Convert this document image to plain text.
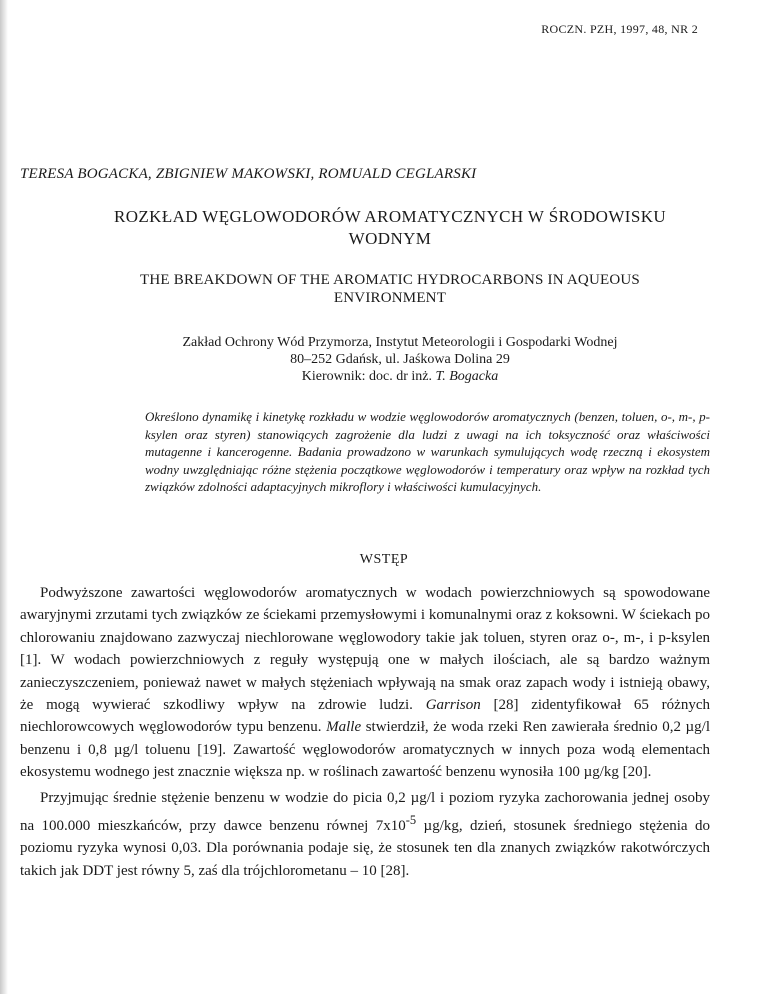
ROCZN. PZH, 1997, 48, NR 2
TERESA BOGACKA, ZBIGNIEW MAKOWSKI, ROMUALD CEGLARSKI
ROZKŁAD WĘGLOWODORÓW AROMATYCZNYCH W ŚRODOWISKU
WODNYM
THE BREAKDOWN OF THE AROMATIC HYDROCARBONS IN AQUEOUS
ENVIRONMENT
Zakład Ochrony Wód Przymorza, Instytut Meteorologii i Gospodarki Wodnej
80–252 Gdańsk, ul. Jaśkowa Dolina 29
Kierownik: doc. dr inż. T. Bogacka
Określono dynamikę i kinetykę rozkładu w wodzie węglowodorów aromatycznych (benzen, toluen, o-, m-, p-ksylen oraz styren) stanowiących zagrożenie dla ludzi z uwagi na ich toksyczność oraz właściwości mutagenne i kancerogenne. Badania prowadzono w warunkach symulujących wodę rzeczną i ekosystem wodny uwzględniając różne stężenia początkowe węglowodorów i temperatury oraz wpływ na rozkład tych związków zdolności adaptacyjnych mikroflory i właściwości kumulacyjnych.
WSTĘP

Podwyższone zawartości węglowodorów aromatycznych w wodach powierzchniowych są spowodowane awaryjnymi zrzutami tych związków ze ściekami przemysłowymi i komunalnymi oraz z koksowni. W ściekach po chlorowaniu znajdowano zazwyczaj niechlorowane węglowodory takie jak toluen, styren oraz o-, m-, i p-ksylen [1]. W wodach powierzchniowych z reguły występują one w małych ilościach, ale są bardzo ważnym zanieczyszczeniem, ponieważ nawet w małych stężeniach wpływają na smak oraz zapach wody i istnieją obawy, że mogą wywierać szkodliwy wpływ na zdrowie ludzi. Garrison [28] zidentyfikował 65 różnych niechlorowcowych węglowodorów typu benzenu. Malle stwierdził, że woda rzeki Ren zawierała średnio 0,2 µg/l benzenu i 0,8 µg/l toluenu [19]. Zawartość węglowodorów aromatycznych w innych poza wodą elementach ekosystemu wodnego jest znacznie większa np. w roślinach zawartość benzenu wynosiła 100 µg/kg [20].

Przyjmując średnie stężenie benzenu w wodzie do picia 0,2 µg/l i poziom ryzyka zachorowania jednej osoby na 100.000 mieszkańców, przy dawce benzenu równej $7x10^{-5}$ µg/kg, dzień, stosunek średniego stężenia do poziomu ryzyka wynosi 0,03. Dla porównania podaje się, że stosunek ten dla znanych związków rakotwórczych takich jak DDT jest równy 5, zaś dla trójchlorometanu – 10 [28].
